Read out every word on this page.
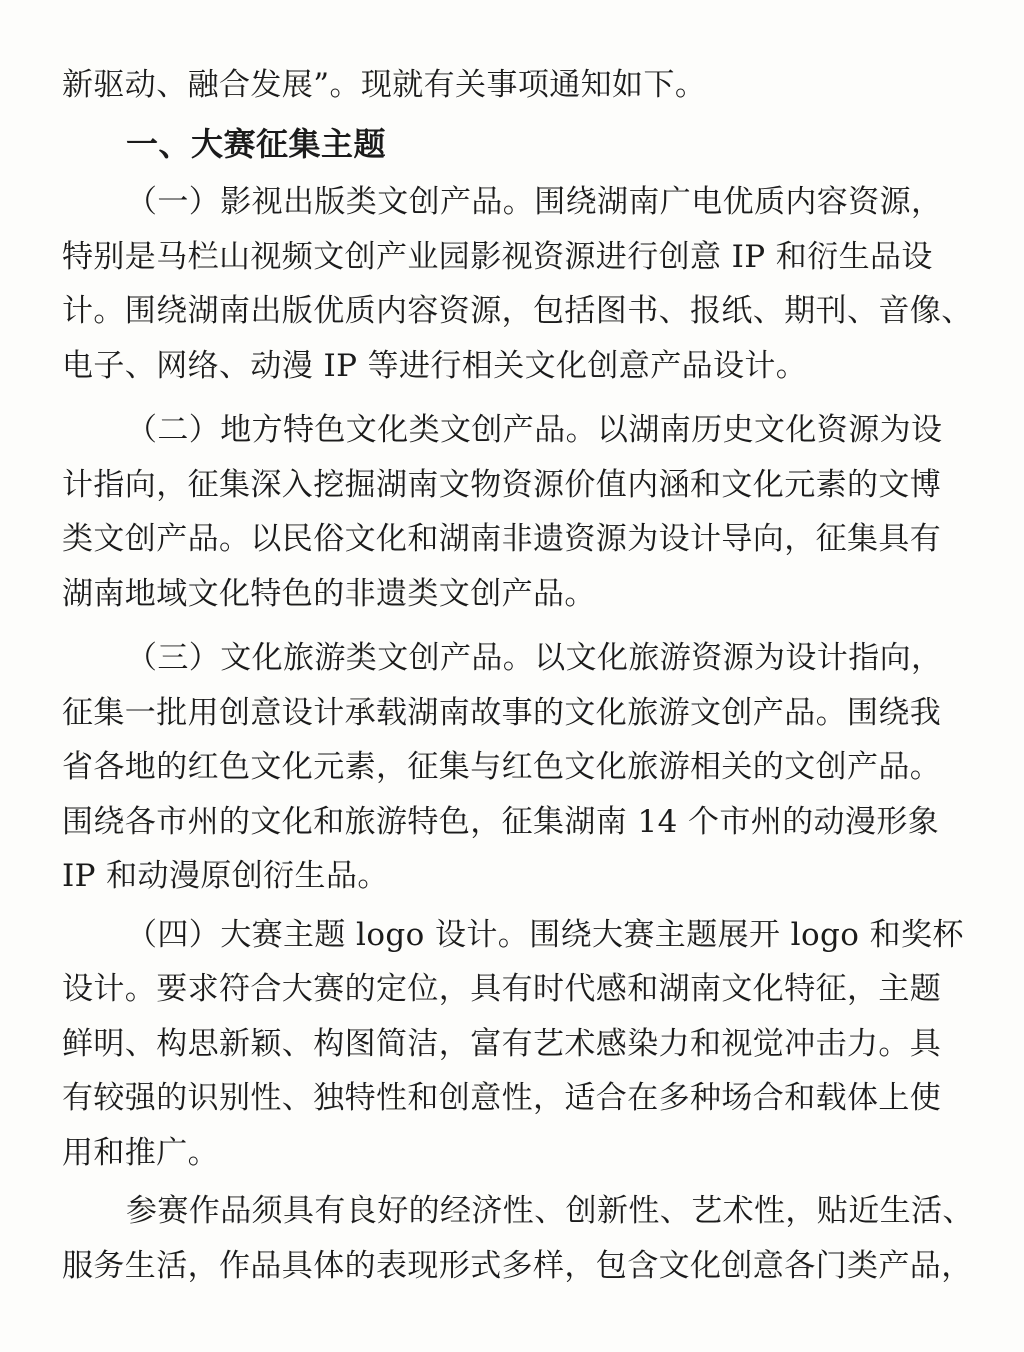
新驱动、融合发展”。现就有关事项通知如下。
一、大赛征集主题
（一）影视出版类文创产品。围绕湖南广电优质内容资源，
特别是马栏山视频文创产业园影视资源进行创意 IP 和衍生品设
计。围绕湖南出版优质内容资源，包括图书、报纸、期刊、音像、
电子、网络、动漫 IP 等进行相关文化创意产品设计。
（二）地方特色文化类文创产品。以湖南历史文化资源为设
计指向，征集深入挖掘湖南文物资源价值内涵和文化元素的文博
类文创产品。以民俗文化和湖南非遗资源为设计导向，征集具有
湖南地域文化特色的非遗类文创产品。
（三）文化旅游类文创产品。以文化旅游资源为设计指向，
征集一批用创意设计承载湖南故事的文化旅游文创产品。围绕我
省各地的红色文化元素，征集与红色文化旅游相关的文创产品。
围绕各市州的文化和旅游特色，征集湖南 14 个市州的动漫形象
IP 和动漫原创衍生品。
（四）大赛主题 logo 设计。围绕大赛主题展开 logo 和奖杯
设计。要求符合大赛的定位，具有时代感和湖南文化特征，主题
鲜明、构思新颖、构图简洁，富有艺术感染力和视觉冲击力。具
有较强的识别性、独特性和创意性，适合在多种场合和载体上使
用和推广。
参赛作品须具有良好的经济性、创新性、艺术性，贴近生活、
服务生活，作品具体的表现形式多样，包含文化创意各门类产品，
